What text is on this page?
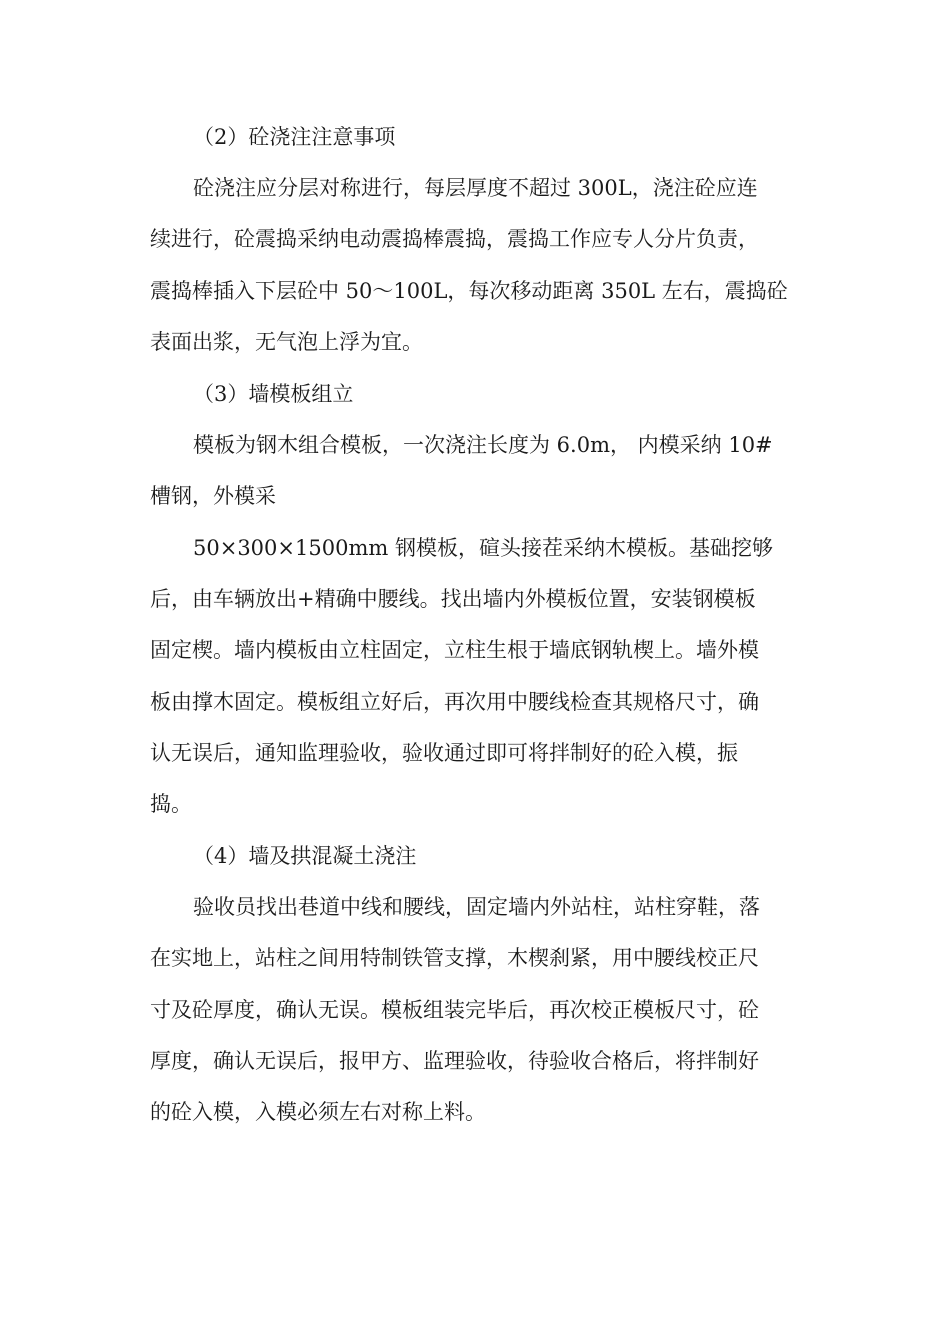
（2）砼浇注注意事项
砼浇注应分层对称进行，每层厚度不超过 300L，浇注砼应连
续进行，砼震捣采纳电动震捣棒震捣，震捣工作应专人分片负责，
震捣棒插入下层砼中 50～100L，每次移动距离 350L 左右，震捣砼
表面出浆，无气泡上浮为宜。
（3）墙模板组立
模板为钢木组合模板，一次浇注长度为 6.0m， 内模采纳 10#
槽钢，外模采
50×300×1500mm 钢模板，碹头接茬采纳木模板。基础挖够
后，由车辆放出+精确中腰线。找出墙内外模板位置，安装钢模板
固定楔。墙内模板由立柱固定，立柱生根于墙底钢轨楔上。墙外模
板由撑木固定。模板组立好后，再次用中腰线检查其规格尺寸，确
认无误后，通知监理验收，验收通过即可将拌制好的砼入模，振
捣。
（4）墙及拱混凝土浇注
验收员找出巷道中线和腰线，固定墙内外站柱，站柱穿鞋，落
在实地上，站柱之间用特制铁管支撑，木楔刹紧，用中腰线校正尺
寸及砼厚度，确认无误。模板组装完毕后，再次校正模板尺寸，砼
厚度，确认无误后，报甲方、监理验收，待验收合格后，将拌制好
的砼入模，入模必须左右对称上料。
